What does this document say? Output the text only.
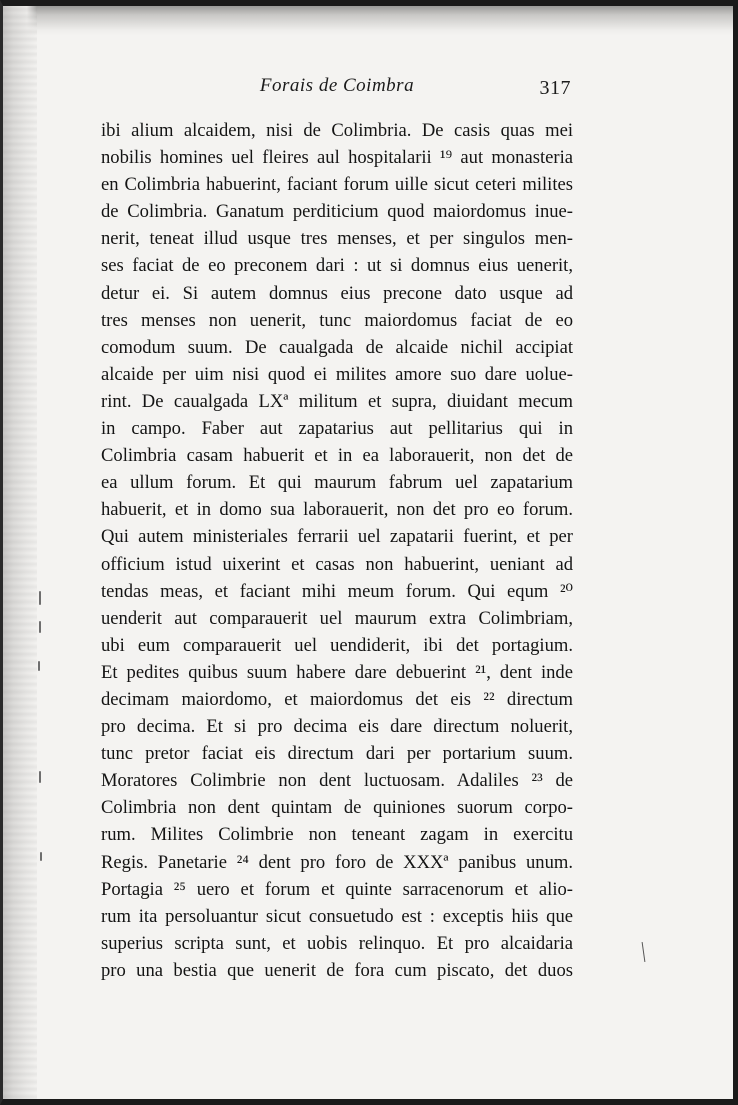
Forais de Coimbra	317
ibi alium alcaidem, nisi de Colimbria. De casis quas mei
nobilis homines uel fleires aul hospitalarii ¹⁹ aut monasteria
en Colimbria habuerint, faciant forum uille sicut ceteri milites
de Colimbria. Ganatum perditicium quod maiordomus inue-
nerit, teneat illud usque tres menses, et per singulos men-
ses faciat de eo preconem dari : ut si domnus eius uenerit,
detur ei. Si autem domnus eius precone dato usque ad
tres menses non uenerit, tunc maiordomus faciat de eo
comodum suum. De caualgada de alcaide nichil accipiat
alcaide per uim nisi quod ei milites amore suo dare uolue-
rint. De caualgada LXª militum et supra, diuidant mecum
in campo. Faber aut zapatarius aut pellitarius qui in
Colimbria casam habuerit et in ea laborauerit, non det de
ea ullum forum. Et qui maurum fabrum uel zapatarium
habuerit, et in domo sua laborauerit, non det pro eo forum.
Qui autem ministeriales ferrarii uel zapatarii fuerint, et per
officium istud uixerint et casas non habuerint, ueniant ad
tendas meas, et faciant mihi meum forum. Qui equm ²⁰
uenderit aut comparauerit uel maurum extra Colimbriam,
ubi eum comparauerit uel uendiderit, ibi det portagium.
Et pedites quibus suum habere dare debuerint ²¹, dent inde
decimam maiordomo, et maiordomus det eis ²² directum
pro decima. Et si pro decima eis dare directum noluerit,
tunc pretor faciat eis directum dari per portarium suum.
Moratores Colimbrie non dent luctuosam. Adaliles ²³ de
Colimbria non dent quintam de quiniones suorum corpo-
rum. Milites Colimbrie non teneant zagam in exercitu
Regis. Panetarie ²⁴ dent pro foro de XXXª panibus unum.
Portagia ²⁵ uero et forum et quinte sarracenorum et alio-
rum ita persoluantur sicut consuetudo est : exceptis hiis que
superius scripta sunt, et uobis relinquo. Et pro alcaidaria
pro una bestia que uenerit de fora cum piscato, det duos
